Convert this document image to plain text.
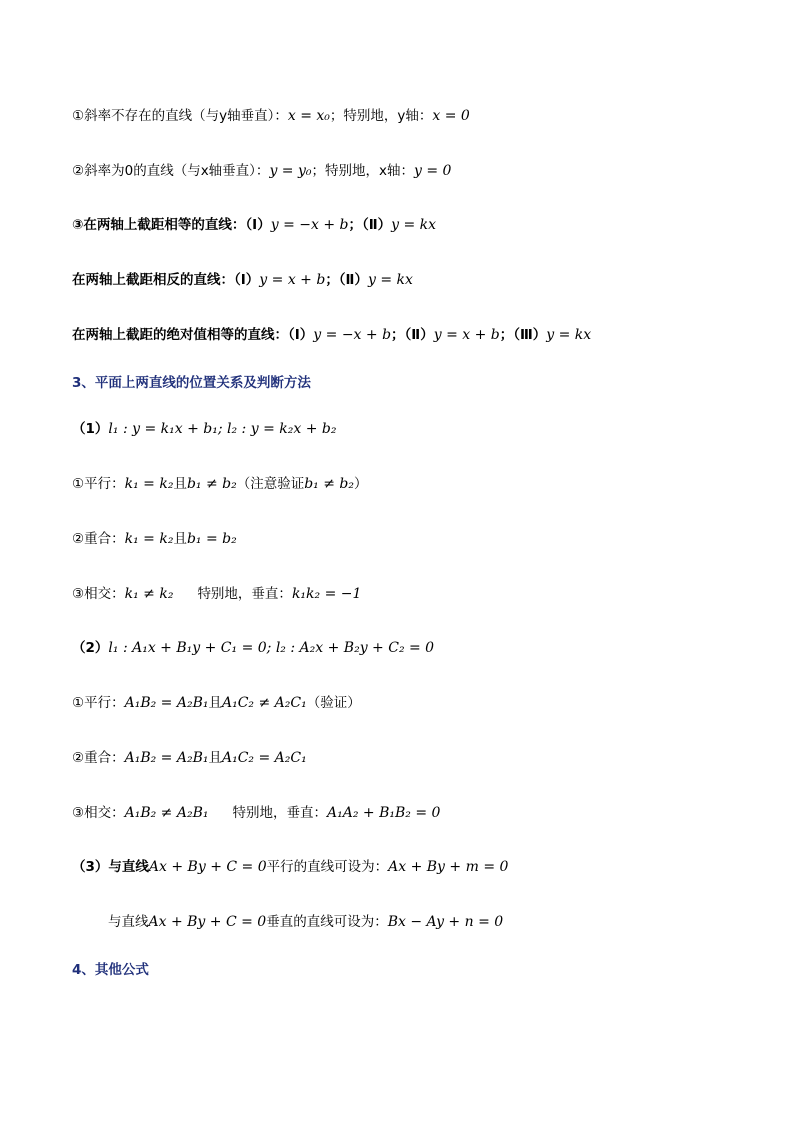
①斜率不存在的直线（与y轴垂直）：x = x₀；特别地，y轴：x = 0
②斜率为0的直线（与x轴垂直）：y = y₀；特别地，x轴：y = 0
③在两轴上截距相等的直线：（Ⅰ）y = −x + b；（Ⅱ）y = kx
在两轴上截距相反的直线：（Ⅰ）y = x + b；（Ⅱ）y = kx
在两轴上截距的绝对值相等的直线：（Ⅰ）y = −x + b；（Ⅱ）y = x + b；（Ⅲ）y = kx
3、平面上两直线的位置关系及判断方法
（1）l₁ : y = k₁x + b₁; l₂ : y = k₂x + b₂
①平行：k₁ = k₂且b₁ ≠ b₂（注意验证b₁ ≠ b₂）
②重合：k₁ = k₂且b₁ = b₂
③相交：k₁ ≠ k₂ 特别地，垂直：k₁k₂ = −1
（2）l₁ : A₁x + B₁y + C₁ = 0; l₂ : A₂x + B₂y + C₂ = 0
①平行：A₁B₂ = A₂B₁且A₁C₂ ≠ A₂C₁（验证）
②重合：A₁B₂ = A₂B₁且A₁C₂ = A₂C₁
③相交：A₁B₂ ≠ A₂B₁ 特别地，垂直：A₁A₂ + B₁B₂ = 0
（3）与直线Ax + By + C = 0平行的直线可设为：Ax + By + m = 0
与直线Ax + By + C = 0垂直的直线可设为：Bx − Ay + n = 0
4、其他公式
